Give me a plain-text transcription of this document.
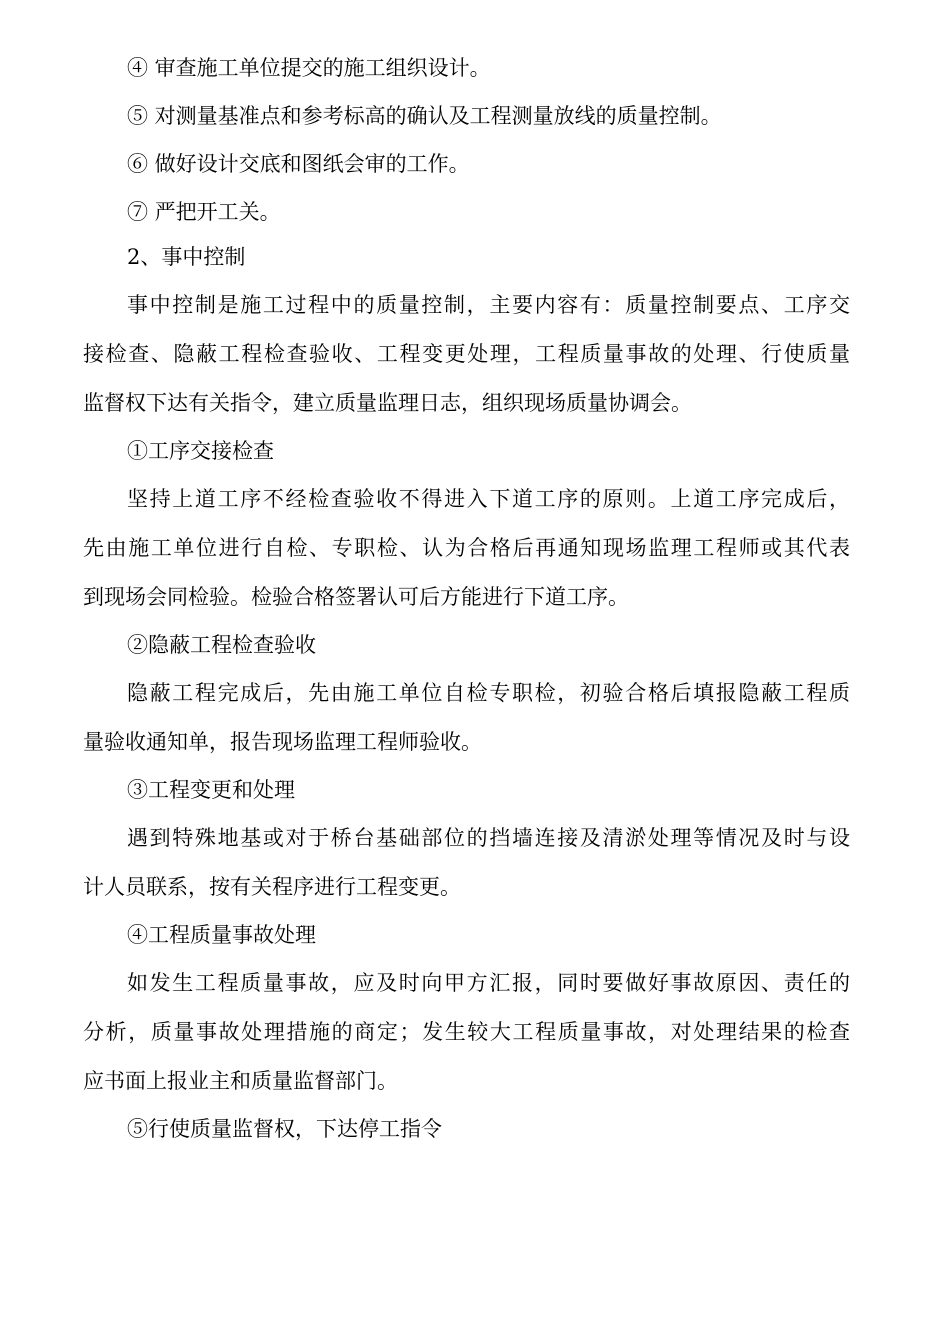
④ 审查施工单位提交的施工组织设计。
⑤ 对测量基准点和参考标高的确认及工程测量放线的质量控制。
⑥ 做好设计交底和图纸会审的工作。
⑦ 严把开工关。
2、事中控制
事中控制是施工过程中的质量控制，主要内容有：质量控制要点、工序交
接检查、隐蔽工程检查验收、工程变更处理，工程质量事故的处理、行使质量
监督权下达有关指令，建立质量监理日志，组织现场质量协调会。
①工序交接检查
坚持上道工序不经检查验收不得进入下道工序的原则。上道工序完成后，
先由施工单位进行自检、专职检、认为合格后再通知现场监理工程师或其代表
到现场会同检验。检验合格签署认可后方能进行下道工序。
②隐蔽工程检查验收
隐蔽工程完成后，先由施工单位自检专职检，初验合格后填报隐蔽工程质
量验收通知单，报告现场监理工程师验收。
③工程变更和处理
遇到特殊地基或对于桥台基础部位的挡墙连接及清淤处理等情况及时与设
计人员联系，按有关程序进行工程变更。
④工程质量事故处理
如发生工程质量事故，应及时向甲方汇报，同时要做好事故原因、责任的
分析，质量事故处理措施的商定；发生较大工程质量事故，对处理结果的检查
应书面上报业主和质量监督部门。
⑤行使质量监督权，下达停工指令
